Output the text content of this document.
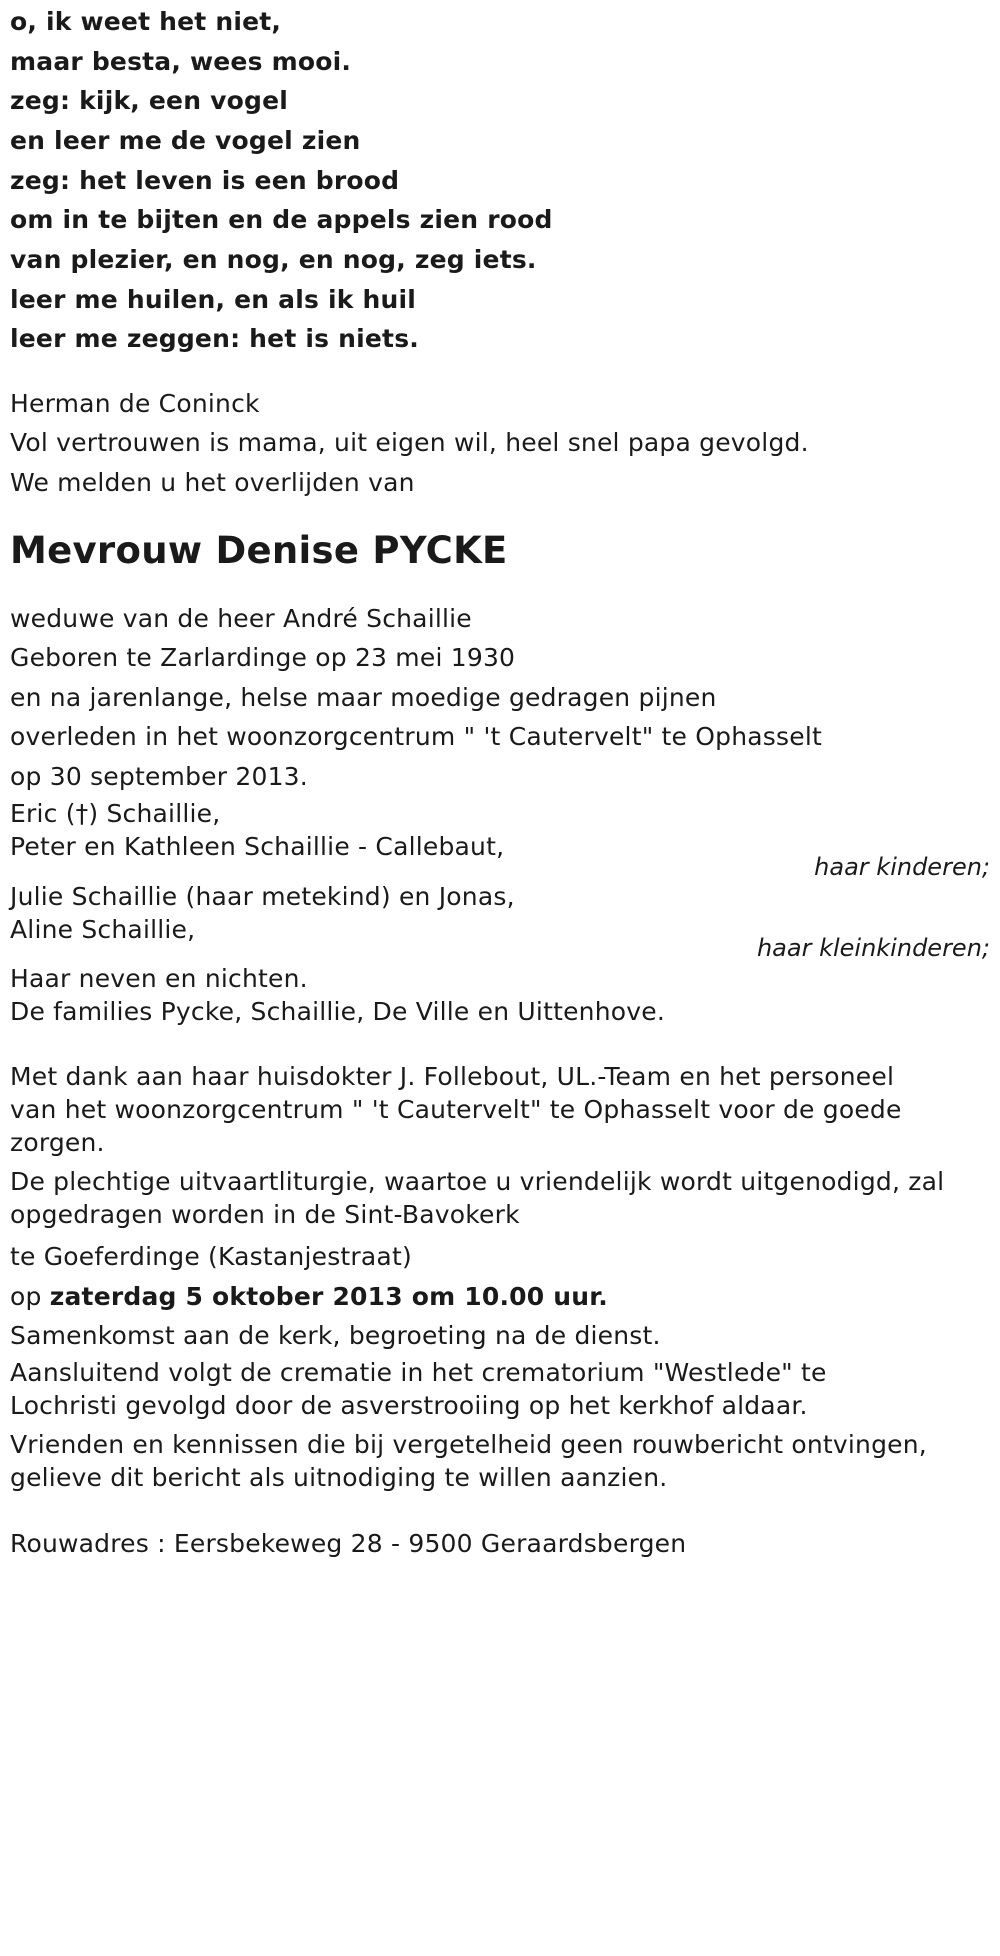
o, ik weet het niet,
maar besta, wees mooi.
zeg: kijk, een vogel
en leer me de vogel zien
zeg: het leven is een brood
om in te bijten en de appels zien rood
van plezier, en nog, en nog, zeg iets.
leer me huilen, en als ik huil
leer me zeggen: het is niets.
Herman de Coninck
Vol vertrouwen is mama, uit eigen wil, heel snel papa gevolgd.
We melden u het overlijden van
Mevrouw Denise PYCKE
weduwe van de heer André Schaillie
Geboren te Zarlardinge op 23 mei 1930
en na jarenlange, helse maar moedige gedragen pijnen
overleden in het woonzorgcentrum " 't Cautervelt" te Ophasselt
op 30 september 2013.
Eric (†) Schaillie,
Peter en Kathleen Schaillie - Callebaut,
haar kinderen;
Julie Schaillie (haar metekind) en Jonas,
Aline Schaillie,
haar kleinkinderen;
Haar neven en nichten.
De families Pycke, Schaillie, De Ville en Uittenhove.
Met dank aan haar huisdokter J. Follebout, UL.-Team en het personeel
van het woonzorgcentrum " 't Cautervelt" te Ophasselt voor de goede
zorgen.
De plechtige uitvaartliturgie, waartoe u vriendelijk wordt uitgenodigd, zal
opgedragen worden in de Sint-Bavokerk
te Goeferdinge (Kastanjestraat)
op zaterdag 5 oktober 2013 om 10.00 uur.
Samenkomst aan de kerk, begroeting na de dienst.
Aansluitend volgt de crematie in het crematorium "Westlede" te
Lochristi gevolgd door de asverstrooiing op het kerkhof aldaar.
Vrienden en kennissen die bij vergetelheid geen rouwbericht ontvingen,
gelieve dit bericht als uitnodiging te willen aanzien.
Rouwadres : Eersbekeweg 28 - 9500 Geraardsbergen
